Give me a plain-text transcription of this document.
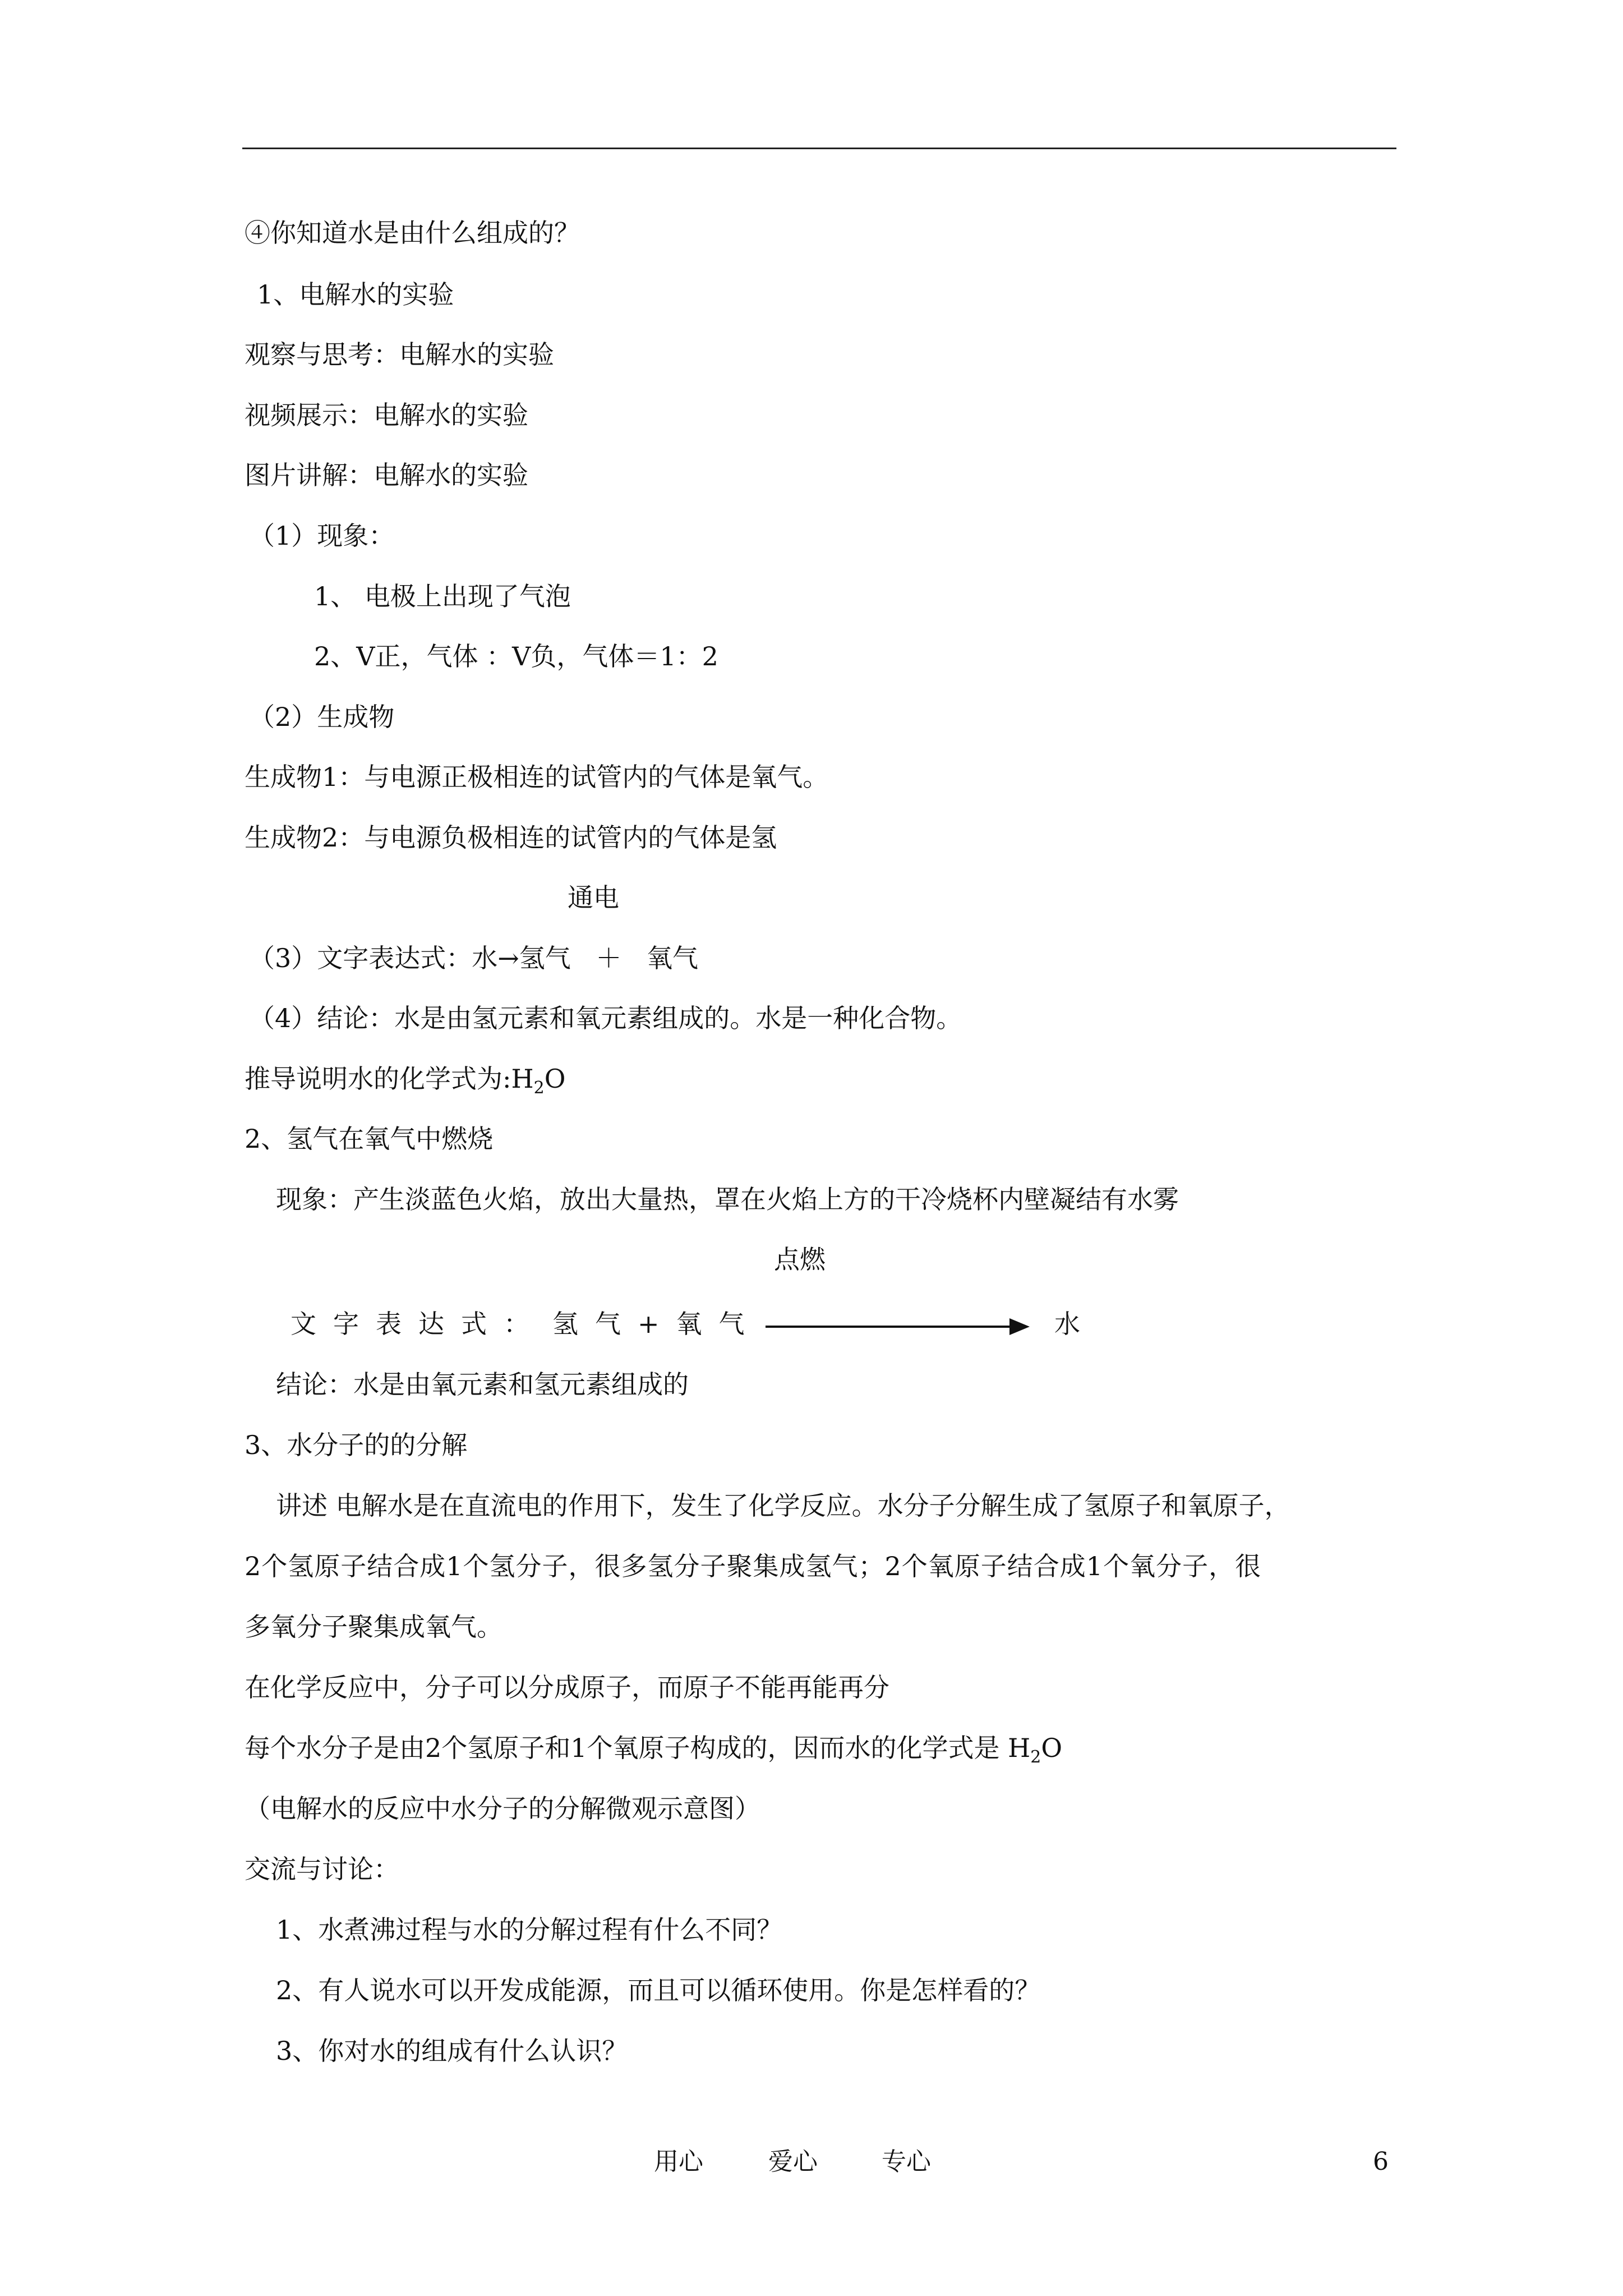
④你知道水是由什么组成的？
1、电解水的实验
观察与思考：电解水的实验
视频展示：电解水的实验
图片讲解：电解水的实验
（1）现象：
1、 电极上出现了气泡
2、V正，气体 ：V负，气体＝1：2
（2）生成物
生成物1：与电源正极相连的试管内的气体是氧气。
生成物2：与电源负极相连的试管内的气体是氢
通电
（3）文字表达式：水→氢气 ＋ 氧气
（4）结论：水是由氢元素和氧元素组成的。水是一种化合物。
推导说明水的化学式为$:H_2O$
2、氢气在氧气中燃烧
现象：产生淡蓝色火焰，放出大量热，罩在火焰上方的干冷烧杯内壁凝结有水雾
点燃
文字表达式： 氢气+氧气	水
结论：水是由氧元素和氢元素组成的
3、水分子的的分解
讲述 电解水是在直流电的作用下，发生了化学反应。水分子分解生成了氢原子和氧原子，
2个氢原子结合成1个氢分子，很多氢分子聚集成氢气；2个氧原子结合成1个氧分子，很
多氧分子聚集成氧气。
在化学反应中，分子可以分成原子，而原子不能再能再分
每个水分子是由2个氢原子和1个氧原子构成的，因而水的化学式是 $H_2O$
（电解水的反应中水分子的分解微观示意图）
交流与讨论：
1、水煮沸过程与水的分解过程有什么不同？
2、有人说水可以开发成能源，而且可以循环使用。你是怎样看的？
3、你对水的组成有什么认识？
用心	爱心	专心	6
